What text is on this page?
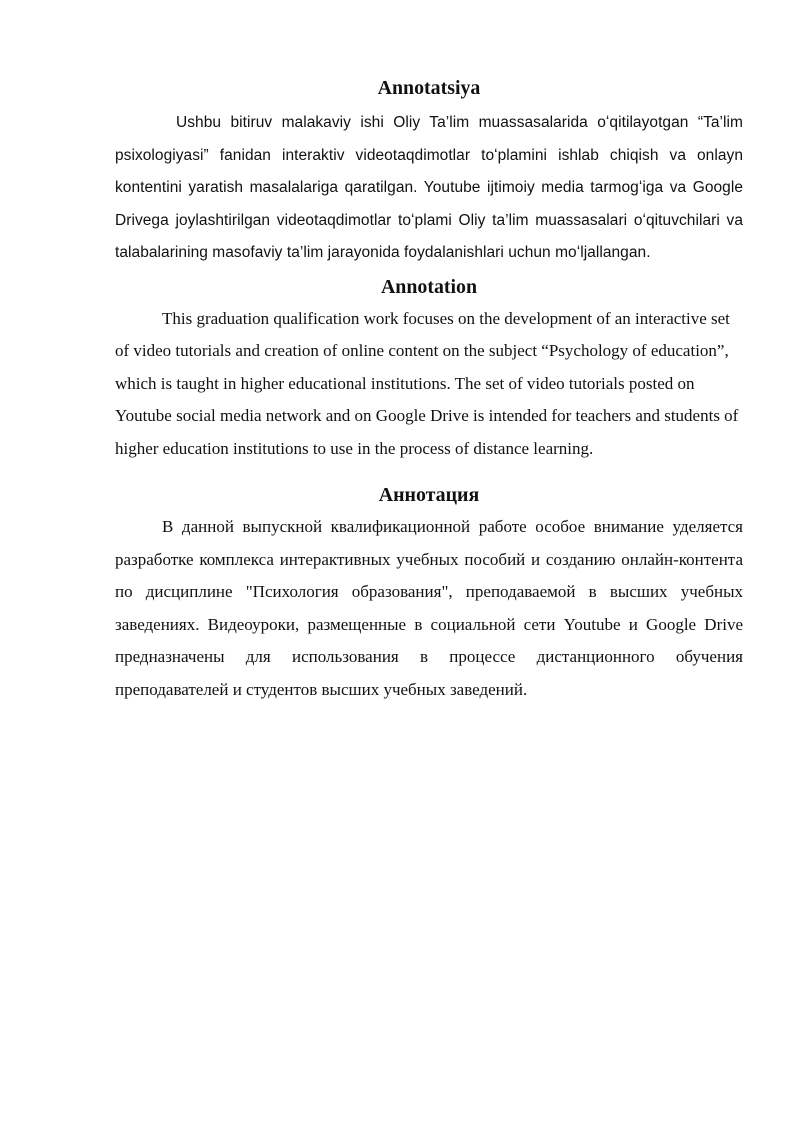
Annotatsiya

Ushbu bitiruv malakaviy ishi Oliy Ta’lim muassasalarida oʻqitilayotgan “Ta’lim psixologiyasi” fanidan interaktiv videotaqdimotlar toʻplamini ishlab chiqish va onlayn kontentini yaratish masalalariga qaratilgan. Youtube ijtimoiy media tarmogʻiga va Google Drivega joylashtirilgan videotaqdimotlar toʻplami Oliy ta’lim muassasalari oʻqituvchilari va talabalarining masofaviy ta’lim jarayonida foydalanishlari uchun moʻljallangan.

Annotation

This graduation qualification work focuses on the development of an interactive set of video tutorials and creation of online content on the subject “Psychology of education”, which is taught in higher educational institutions. The set of video tutorials posted on Youtube social media network and on Google Drive is intended for teachers and students of higher education institutions to use in the process of distance learning.

Аннотация

В данной выпускной квалификационной работе особое внимание уделяется разработке комплекса интерактивных учебных пособий и созданию онлайн-контента по дисциплине "Психология образования", преподаваемой в высших учебных заведениях. Видеоуроки, размещенные в социальной сети Youtube и Google Drive предназначены для использования в процессе дистанционного обучения преподавателей и студентов высших учебных заведений.
